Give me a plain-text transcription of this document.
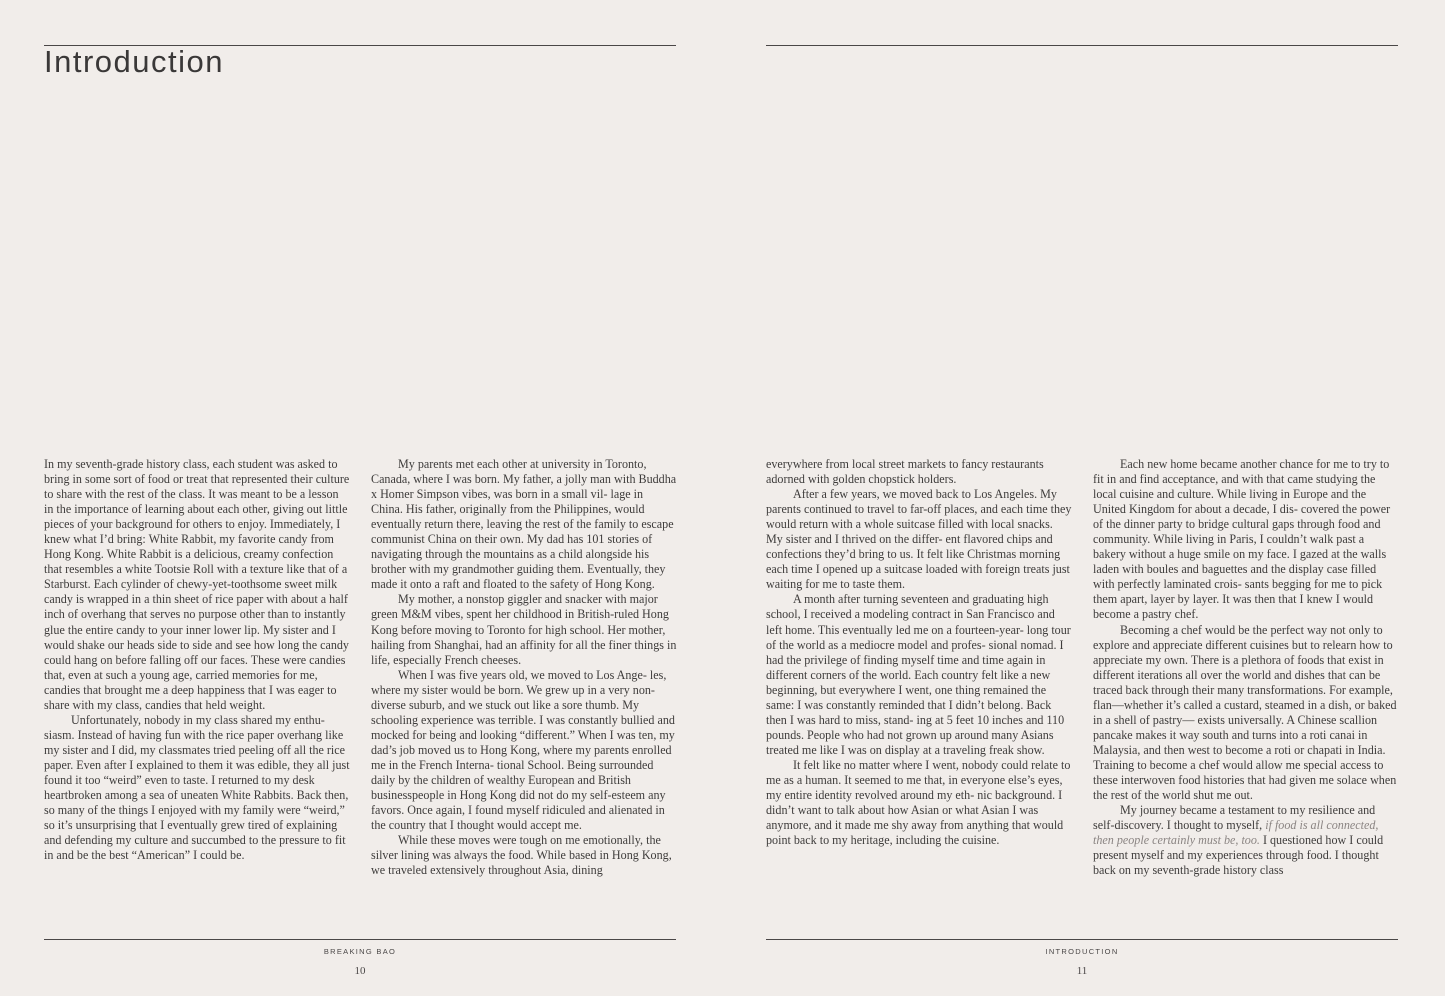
Introduction

In my seventh-grade history class, each student was asked to bring in some sort of food or treat that represented their culture to share with the rest of the class. It was meant to be a lesson in the importance of learning about each other, giving out little pieces of your background for others to enjoy. Immediately, I knew what I’d bring: White Rabbit, my favorite candy from Hong Kong. White Rabbit is a delicious, creamy confection that resembles a white Tootsie Roll with a texture like that of a Starburst. Each cylinder of chewy-yet-toothsome sweet milk candy is wrapped in a thin sheet of rice paper with about a half inch of overhang that serves no purpose other than to instantly glue the entire candy to your inner lower lip. My sister and I would shake our heads side to side and see how long the candy could hang on before falling off our faces. These were candies that, even at such a young age, carried memories for me, candies that brought me a deep happiness that I was eager to share with my class, candies that held weight.

Unfortunately, nobody in my class shared my enthu- siasm. Instead of having fun with the rice paper overhang like my sister and I did, my classmates tried peeling off all the rice paper. Even after I explained to them it was edible, they all just found it too “weird” even to taste. I returned to my desk heartbroken among a sea of uneaten White Rabbits. Back then, so many of the things I enjoyed with my family were “weird,” so it’s unsurprising that I eventually grew tired of explaining and defending my culture and succumbed to the pressure to fit in and be the best “American” I could be.

My parents met each other at university in Toronto, Canada, where I was born. My father, a jolly man with Buddha x Homer Simpson vibes, was born in a small vil- lage in China. His father, originally from the Philippines, would eventually return there, leaving the rest of the family to escape communist China on their own. My dad has 101 stories of navigating through the mountains as a child alongside his brother with my grandmother guiding them. Eventually, they made it onto a raft and floated to the safety of Hong Kong.

My mother, a nonstop giggler and snacker with major green M&M vibes, spent her childhood in British-ruled Hong Kong before moving to Toronto for high school. Her mother, hailing from Shanghai, had an affinity for all the finer things in life, especially French cheeses.

When I was five years old, we moved to Los Ange- les, where my sister would be born. We grew up in a very non-diverse suburb, and we stuck out like a sore thumb. My schooling experience was terrible. I was constantly bullied and mocked for being and looking “different.” When I was ten, my dad’s job moved us to Hong Kong, where my parents enrolled me in the French Interna- tional School. Being surrounded daily by the children of wealthy European and British businesspeople in Hong Kong did not do my self-esteem any favors. Once again, I found myself ridiculed and alienated in the country that I thought would accept me.

While these moves were tough on me emotionally, the silver lining was always the food. While based in Hong Kong, we traveled extensively throughout Asia, dining

BREAKING BAO
10

everywhere from local street markets to fancy restaurants adorned with golden chopstick holders.

After a few years, we moved back to Los Angeles. My parents continued to travel to far-off places, and each time they would return with a whole suitcase filled with local snacks. My sister and I thrived on the differ- ent flavored chips and confections they’d bring to us. It felt like Christmas morning each time I opened up a suitcase loaded with foreign treats just waiting for me to taste them.

A month after turning seventeen and graduating high school, I received a modeling contract in San Francisco and left home. This eventually led me on a fourteen-year- long tour of the world as a mediocre model and profes- sional nomad. I had the privilege of finding myself time and time again in different corners of the world. Each country felt like a new beginning, but everywhere I went, one thing remained the same: I was constantly reminded that I didn’t belong. Back then I was hard to miss, stand- ing at 5 feet 10 inches and 110 pounds. People who had not grown up around many Asians treated me like I was on display at a traveling freak show.

It felt like no matter where I went, nobody could relate to me as a human. It seemed to me that, in everyone else’s eyes, my entire identity revolved around my eth- nic background. I didn’t want to talk about how Asian or what Asian I was anymore, and it made me shy away from anything that would point back to my heritage, including the cuisine.

Each new home became another chance for me to try to fit in and find acceptance, and with that came studying the local cuisine and culture. While living in Europe and the United Kingdom for about a decade, I dis- covered the power of the dinner party to bridge cultural gaps through food and community. While living in Paris, I couldn’t walk past a bakery without a huge smile on my face. I gazed at the walls laden with boules and baguettes and the display case filled with perfectly laminated crois- sants begging for me to pick them apart, layer by layer. It was then that I knew I would become a pastry chef.

Becoming a chef would be the perfect way not only to explore and appreciate different cuisines but to relearn how to appreciate my own. There is a plethora of foods that exist in different iterations all over the world and dishes that can be traced back through their many transformations. For example, flan—whether it’s called a custard, steamed in a dish, or baked in a shell of pastry— exists universally. A Chinese scallion pancake makes it way south and turns into a roti canai in Malaysia, and then west to become a roti or chapati in India. Training to become a chef would allow me special access to these interwoven food histories that had given me solace when the rest of the world shut me out.

My journey became a testament to my resilience and self-discovery. I thought to myself, if food is all connected, then people certainly must be, too. I questioned how I could present myself and my experiences through food. I thought back on my seventh-grade history class

INTRODUCTION
11
